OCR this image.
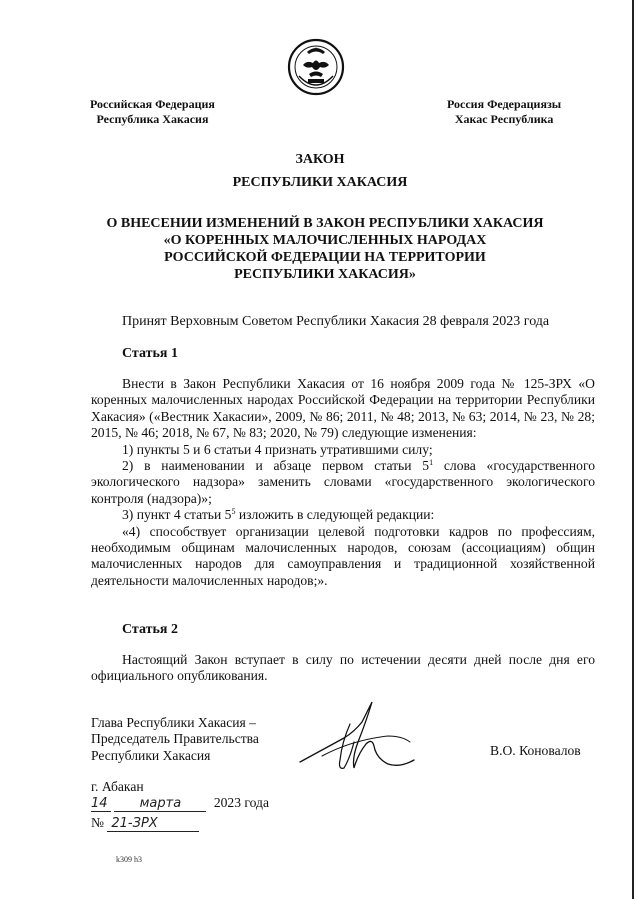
Российская Федерация
Республика Хакасия
Россия Федерациязы
Хакас Республика
ЗАКОН
РЕСПУБЛИКИ ХАКАСИЯ
О ВНЕСЕНИИ ИЗМЕНЕНИЙ В ЗАКОН РЕСПУБЛИКИ ХАКАСИЯ
«О КОРЕННЫХ МАЛОЧИСЛЕННЫХ НАРОДАХ
РОССИЙСКОЙ ФЕДЕРАЦИИ НА ТЕРРИТОРИИ
РЕСПУБЛИКИ ХАКАСИЯ»
Принят Верховным Советом Республики Хакасия 28 февраля 2023 года
Статья 1

Внести в Закон Республики Хакасия от 16 ноября 2009 года № 125-ЗРХ «О коренных малочисленных народах Российской Федерации на территории Республики Хакасия» («Вестник Хакасии», 2009, № 86; 2011, № 48; 2013, № 63; 2014, № 23, № 28; 2015, № 46; 2018, № 67, № 83; 2020, № 79) следующие изменения:

1) пункты 5 и 6 статьи 4 признать утратившими силу;

2) в наименовании и абзаце первом статьи $5^1$ слова «государственного экологического надзора» заменить словами «государственного экологического контроля (надзора)»;

3) пункт 4 статьи $5^5$ изложить в следующей редакции:

«4) способствует организации целевой подготовки кадров по профессиям, необходимым общинам малочисленных народов, союзам (ассоциациям) общин малочисленных народов для самоуправления и традиционной хозяйственной деятельности малочисленных народов;».

Статья 2

Настоящий Закон вступает в силу по истечении десяти дней после дня его официального опубликования.

Глава Республики Хакасия –
Председатель Правительства
Республики Хакасия	В.О. Коновалов
г. Абакан
14 марта 2023 года
№ 21-ЗРХ
k309 h3
